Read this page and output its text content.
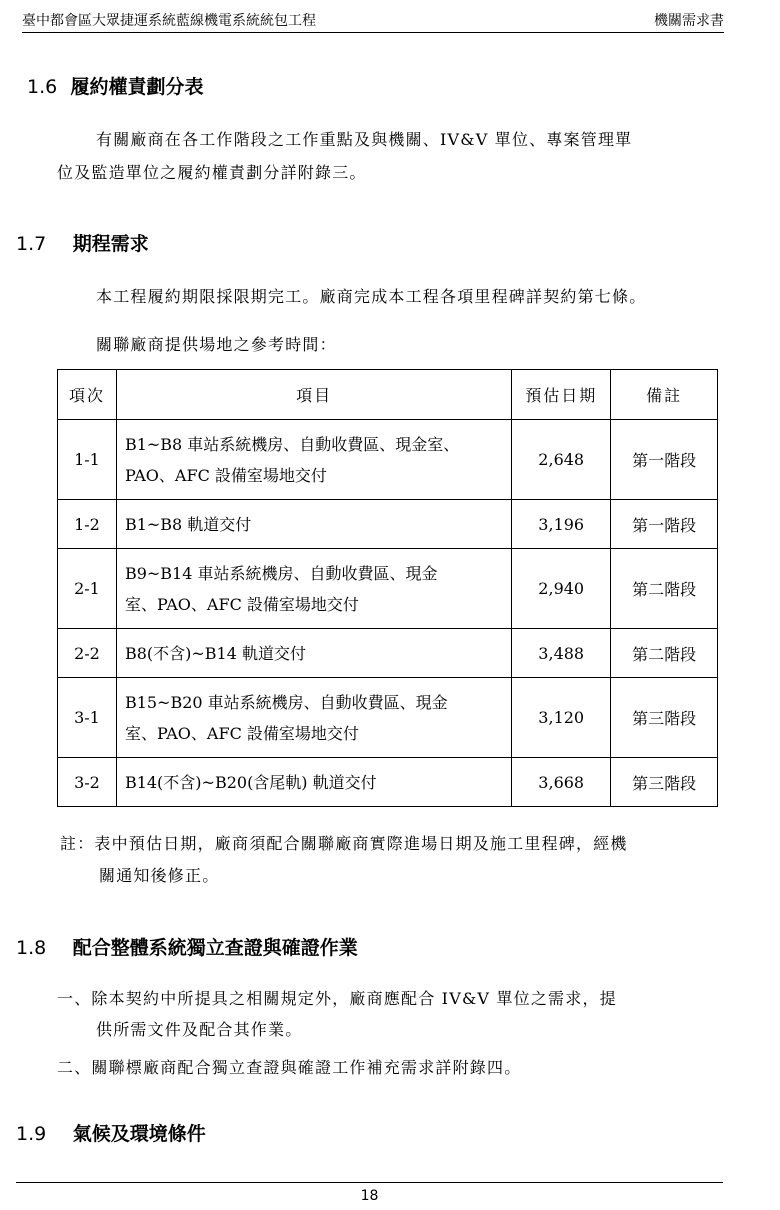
臺中都會區大眾捷運系統藍線機電系統統包工程	機關需求書
1.6 履約權責劃分表
有關廠商在各工作階段之工作重點及與機關、IV&V 單位、專案管理單
位及監造單位之履約權責劃分詳附錄三。
1.7 期程需求
本工程履約期限採限期完工。廠商完成本工程各項里程碑詳契約第七條。
關聯廠商提供場地之參考時間：
項次	項目	預估日期	備註
1-1	B1~B8 車站系統機房、自動收費區、現金室、
PAO、AFC 設備室場地交付	2,648	第一階段
1-2	B1~B8 軌道交付	3,196	第一階段
2-1	B9~B14 車站系統機房、自動收費區、現金
室、PAO、AFC 設備室場地交付	2,940	第二階段
2-2	B8(不含)~B14 軌道交付	3,488	第二階段
3-1	B15~B20 車站系統機房、自動收費區、現金
室、PAO、AFC 設備室場地交付	3,120	第三階段
3-2	B14(不含)~B20(含尾軌) 軌道交付	3,668	第三階段
註：表中預估日期，廠商須配合關聯廠商實際進場日期及施工里程碑，經機
關通知後修正。
1.8 配合整體系統獨立查證與確證作業
一、除本契約中所提具之相關規定外，廠商應配合 IV&V 單位之需求，提
供所需文件及配合其作業。
二、關聯標廠商配合獨立查證與確證工作補充需求詳附錄四。
1.9 氣候及環境條件
18
